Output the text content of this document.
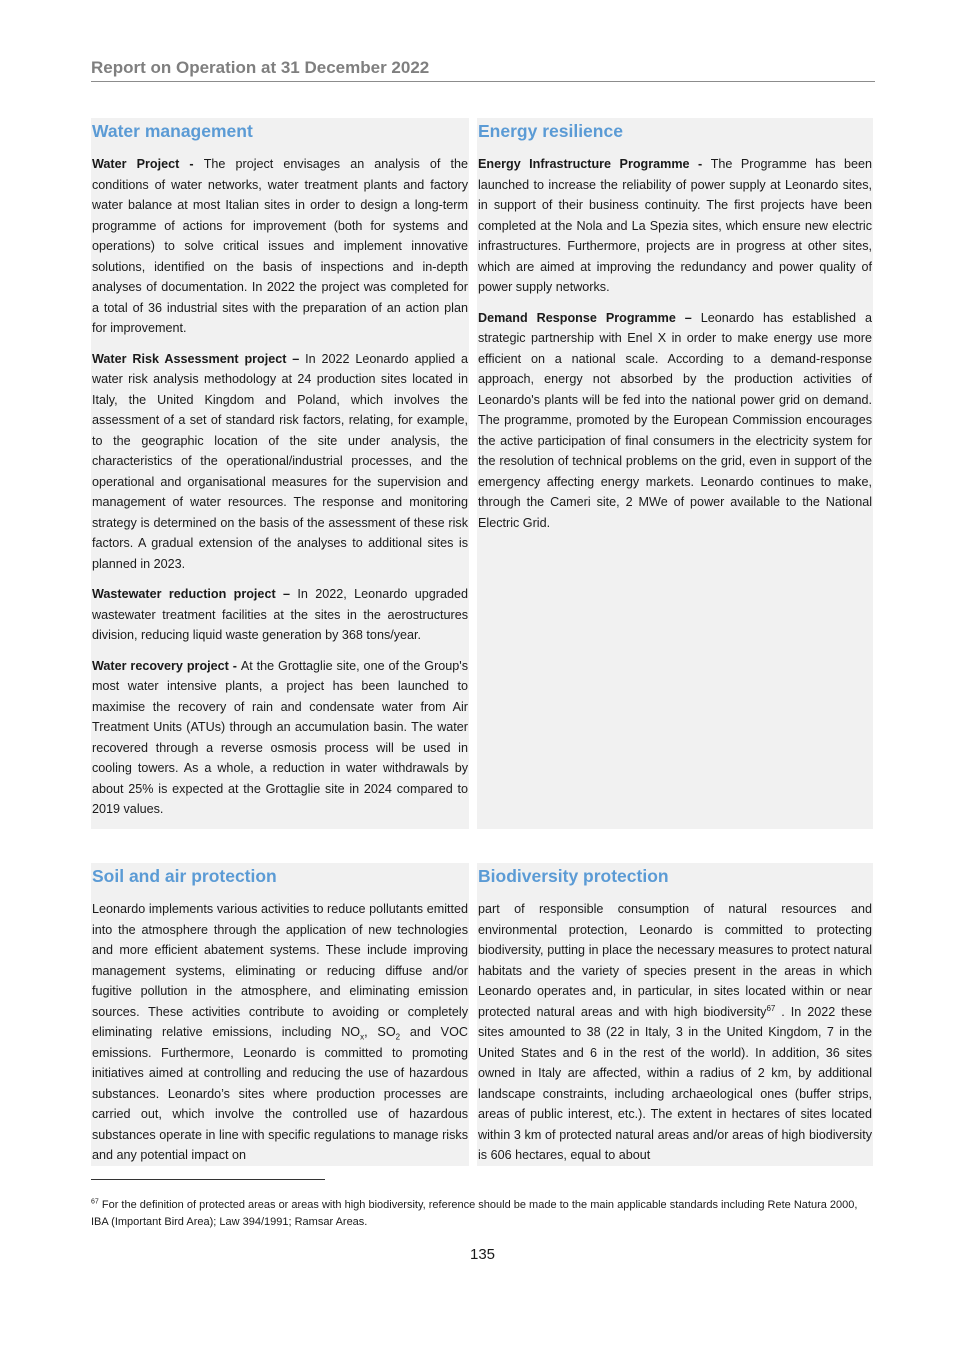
Report on Operation at 31 December 2022
Water management

Water Project - The project envisages an analysis of the conditions of water networks, water treatment plants and factory water balance at most Italian sites in order to design a long-term programme of actions for improvement (both for systems and operations) to solve critical issues and implement innovative solutions, identified on the basis of inspections and in-depth analyses of documentation. In 2022 the project was completed for a total of 36 industrial sites with the preparation of an action plan for improvement.

Water Risk Assessment project – In 2022 Leonardo applied a water risk analysis methodology at 24 production sites located in Italy, the United Kingdom and Poland, which involves the assessment of a set of standard risk factors, relating, for example, to the geographic location of the site under analysis, the characteristics of the operational/industrial processes, and the operational and organisational measures for the supervision and management of water resources. The response and monitoring strategy is determined on the basis of the assessment of these risk factors. A gradual extension of the analyses to additional sites is planned in 2023.

Wastewater reduction project – In 2022, Leonardo upgraded wastewater treatment facilities at the sites in the aerostructures division, reducing liquid waste generation by 368 tons/year.

Water recovery project - At the Grottaglie site, one of the Group's most water intensive plants, a project has been launched to maximise the recovery of rain and condensate water from Air Treatment Units (ATUs) through an accumulation basin. The water recovered through a reverse osmosis process will be used in cooling towers. As a whole, a reduction in water withdrawals by about 25% is expected at the Grottaglie site in 2024 compared to 2019 values.

Energy resilience

Energy Infrastructure Programme - The Programme has been launched to increase the reliability of power supply at Leonardo sites, in support of their business continuity. The first projects have been completed at the Nola and La Spezia sites, which ensure new electric infrastructures. Furthermore, projects are in progress at other sites, which are aimed at improving the redundancy and power quality of power supply networks.

Demand Response Programme – Leonardo has established a strategic partnership with Enel X in order to make energy use more efficient on a national scale. According to a demand-response approach, energy not absorbed by the production activities of Leonardo's plants will be fed into the national power grid on demand. The programme, promoted by the European Commission encourages the active participation of final consumers in the electricity system for the resolution of technical problems on the grid, even in support of the emergency affecting energy markets. Leonardo continues to make, through the Cameri site, 2 MWe of power available to the National Electric Grid.

Soil and air protection

Leonardo implements various activities to reduce pollutants emitted into the atmosphere through the application of new technologies and more efficient abatement systems. These include improving management systems, eliminating or reducing diffuse and/or fugitive pollution in the atmosphere, and eliminating emission sources. These activities contribute to avoiding or completely eliminating relative emissions, including $NO_x$, $SO_2$ and VOC emissions. Furthermore, Leonardo is committed to promoting initiatives aimed at controlling and reducing the use of hazardous substances. Leonardo’s sites where production processes are carried out, which involve the controlled use of hazardous substances operate in line with specific regulations to manage risks and any potential impact on

Biodiversity protection

part of responsible consumption of natural resources and environmental protection, Leonardo is committed to protecting biodiversity, putting in place the necessary measures to protect natural habitats and the variety of species present in the areas in which Leonardo operates and, in particular, in sites located within or near protected natural areas and with high biodiversity$^{67}$ . In 2022 these sites amounted to 38 (22 in Italy, 3 in the United Kingdom, 7 in the United States and 6 in the rest of the world). In addition, 36 sites owned in Italy are affected, within a radius of 2 km, by additional landscape constraints, including archaeological ones (buffer strips, areas of public interest, etc.). The extent in hectares of sites located within 3 km of protected natural areas and/or areas of high biodiversity is 606 hectares, equal to about

$^{67}$ For the definition of protected areas or areas with high biodiversity, reference should be made to the main applicable standards including Rete Natura 2000, IBA (Important Bird Area); Law 394/1991; Ramsar Areas.
135
